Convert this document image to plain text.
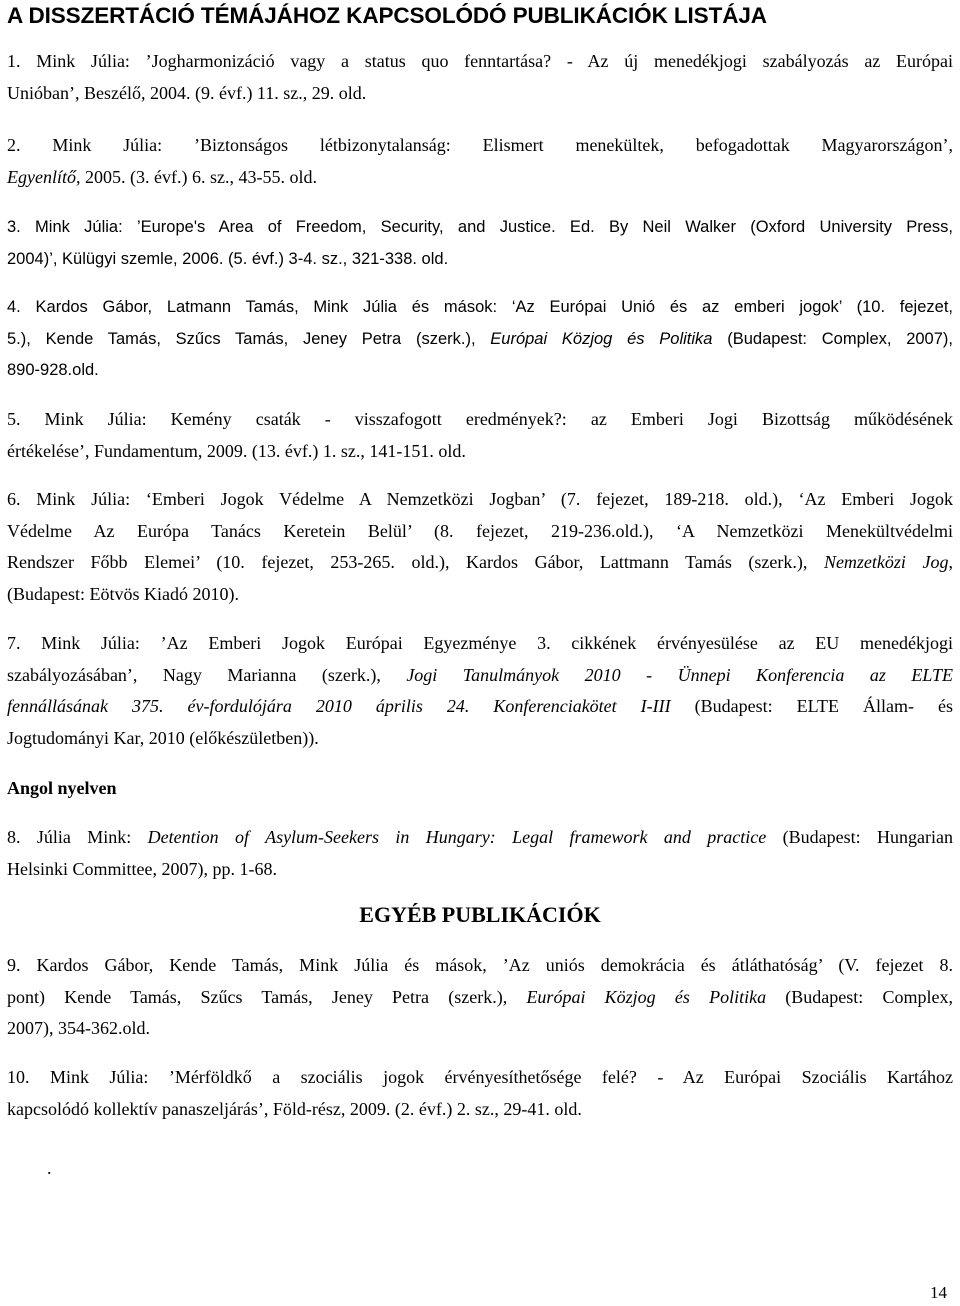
A DISSZERTÁCIÓ TÉMÁJÁHOZ KAPCSOLÓDÓ PUBLIKÁCIÓK LISTÁJA
1. Mink Júlia: ’Jogharmonizáció vagy a status quo fenntartása? - Az új menedékjogi szabályozás az Európai
Unióban’, Beszélő, 2004. (9. évf.) 11. sz., 29. old.
2. Mink Júlia: ’Biztonságos létbizonytalanság: Elismert menekültek, befogadottak Magyarországon’,
Egyenlítő, 2005. (3. évf.) 6. sz., 43-55. old.
3. Mink Júlia: ’Europe's Area of Freedom, Security, and Justice. Ed. By Neil Walker (Oxford University Press,
2004)’, Külügyi szemle, 2006. (5. évf.) 3-4. sz., 321-338. old.
4. Kardos Gábor, Latmann Tamás, Mink Júlia és mások: ‘Az Európai Unió és az emberi jogok’ (10. fejezet,
5.), Kende Tamás, Szűcs Tamás, Jeney Petra (szerk.), Európai Közjog és Politika (Budapest: Complex, 2007),
890-928.old.
5. Mink Júlia: Kemény csaták - visszafogott eredmények?: az Emberi Jogi Bizottság működésének
értékelése’, Fundamentum, 2009. (13. évf.) 1. sz., 141-151. old.
6. Mink Júlia: ‘Emberi Jogok Védelme A Nemzetközi Jogban’ (7. fejezet, 189-218. old.), ‘Az Emberi Jogok
Védelme Az Európa Tanács Keretein Belül’ (8. fejezet, 219-236.old.), ‘A Nemzetközi Menekültvédelmi
Rendszer Főbb Elemei’ (10. fejezet, 253-265. old.), Kardos Gábor, Lattmann Tamás (szerk.), Nemzetközi Jog,
(Budapest: Eötvös Kiadó 2010).
7. Mink Júlia: ’Az Emberi Jogok Európai Egyezménye 3. cikkének érvényesülése az EU menedékjogi
szabályozásában’, Nagy Marianna (szerk.), Jogi Tanulmányok 2010 - Ünnepi Konferencia az ELTE
fennállásának 375. év-fordulójára 2010 április 24. Konferenciakötet I-III (Budapest: ELTE Állam- és
Jogtudományi Kar, 2010 (előkészületben)).
Angol nyelven
8. Júlia Mink: Detention of Asylum-Seekers in Hungary: Legal framework and practice (Budapest: Hungarian
Helsinki Committee, 2007), pp. 1-68.
EGYÉB PUBLIKÁCIÓK
9. Kardos Gábor, Kende Tamás, Mink Júlia és mások, ’Az uniós demokrácia és átláthatóság’ (V. fejezet 8.
pont) Kende Tamás, Szűcs Tamás, Jeney Petra (szerk.), Európai Közjog és Politika (Budapest: Complex,
2007), 354-362.old.
10. Mink Júlia: ’Mérföldkő a szociális jogok érvényesíthetősége felé? - Az Európai Szociális Kartához
kapcsolódó kollektív panaszeljárás’, Föld-rész, 2009. (2. évf.) 2. sz., 29-41. old.
.
14
